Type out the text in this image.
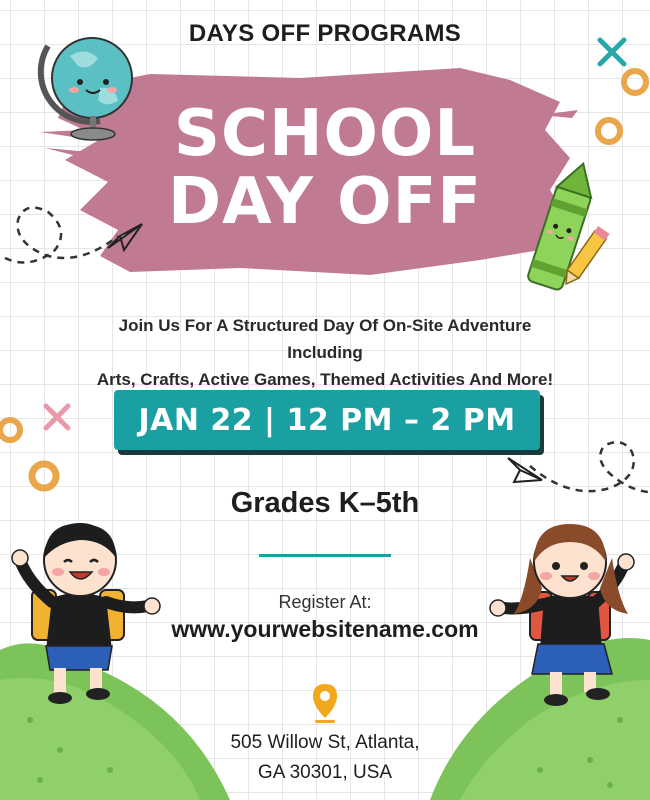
DAYS OFF PROGRAMS
SCHOOL
DAY OFF
Join Us For A Structured Day Of On-Site Adventure Including
Arts, Crafts, Active Games, Themed Activities And More!
JAN 22 | 12 PM – 2 PM
Grades K–5th
Register At:
www.yourwebsitename.com
505 Willow St, Atlanta,
GA 30301, USA
